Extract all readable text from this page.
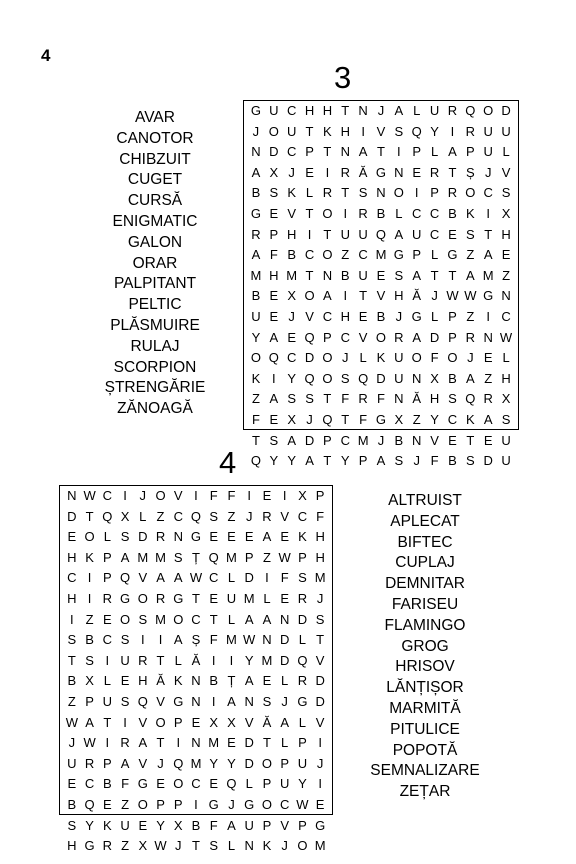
4
3
AVAR
CANOTOR
CHIBZUIT
CUGET
CURSĂ
ENIGMATIC
GALON
ORAR
PALPITANT
PELTIC
PLĂSMUIRE
RULAJ
SCORPION
ȘTRENGĂRIE
ZĂNOAGĂ
G U C H H T N J A L U R Q O D
J O U T K H I V S Q Y I R U U
N D C P T N A T I P L A P U L
A X J E I R Ă G N E R T Ș J V
B S K L R T S N O I P R O C S
G E V T O I R B L C C B K I X
R P H I T U U Q A U C E S T H
A F B C O Z C M G P L G Z A E
M H M T N B U E S A T T A M Z
B E X O A I T V H Ă J W W G N
U E J V C H E B J G L P Z I C
Y A E Q P C V O R A D P R N W
O Q C D O J L K U O F O J E L
K I Y Q O S Q D U N X B A Z H
Z A S S T F R F N Ă H S Q R X
F E X J Q T F G X Z Y C K A S
T S A D P C M J B N V E T E U
Q Y Y A T Y P A S J F B S D U
4
N W C I J O V I F F I E I X P
D T Q X L Z C Q S Z J R V C F
E O L S D R N G E E E A E K H
H K P A M M S Ț Q M P Z W P H
C I P Q V A A W C L D I F S M
H I R G O R G T E U M L E R J
I Z E O S M O C T L A A N D S
S B C S I	I A Ș F M W N D L T
T S I U R T L Ă I	I Y M D Q V
B X L E H Ă K N B Ț A E L R D
Z P U S Q V G N I A N S J G D
W A T I V O P E X X V Ă A L V
J W I R A T I N M E D T L P I
U R P A V J Q M Y Y D O P U J
E C B F G E O C E Q L P U Y I
B Q E Z O P P I G J G O C W E
S Y K U E Y X B F A U P V P G
H G R Z X W J T S L N K J O M
ALTRUIST
APLECAT
BIFTEC
CUPLAJ
DEMNITAR
FARISEU
FLAMINGO
GROG
HRISOV
LĂNȚIȘOR
MARMITĂ
PITULICE
POPOTĂ
SEMNALIZARE
ZEȚAR
